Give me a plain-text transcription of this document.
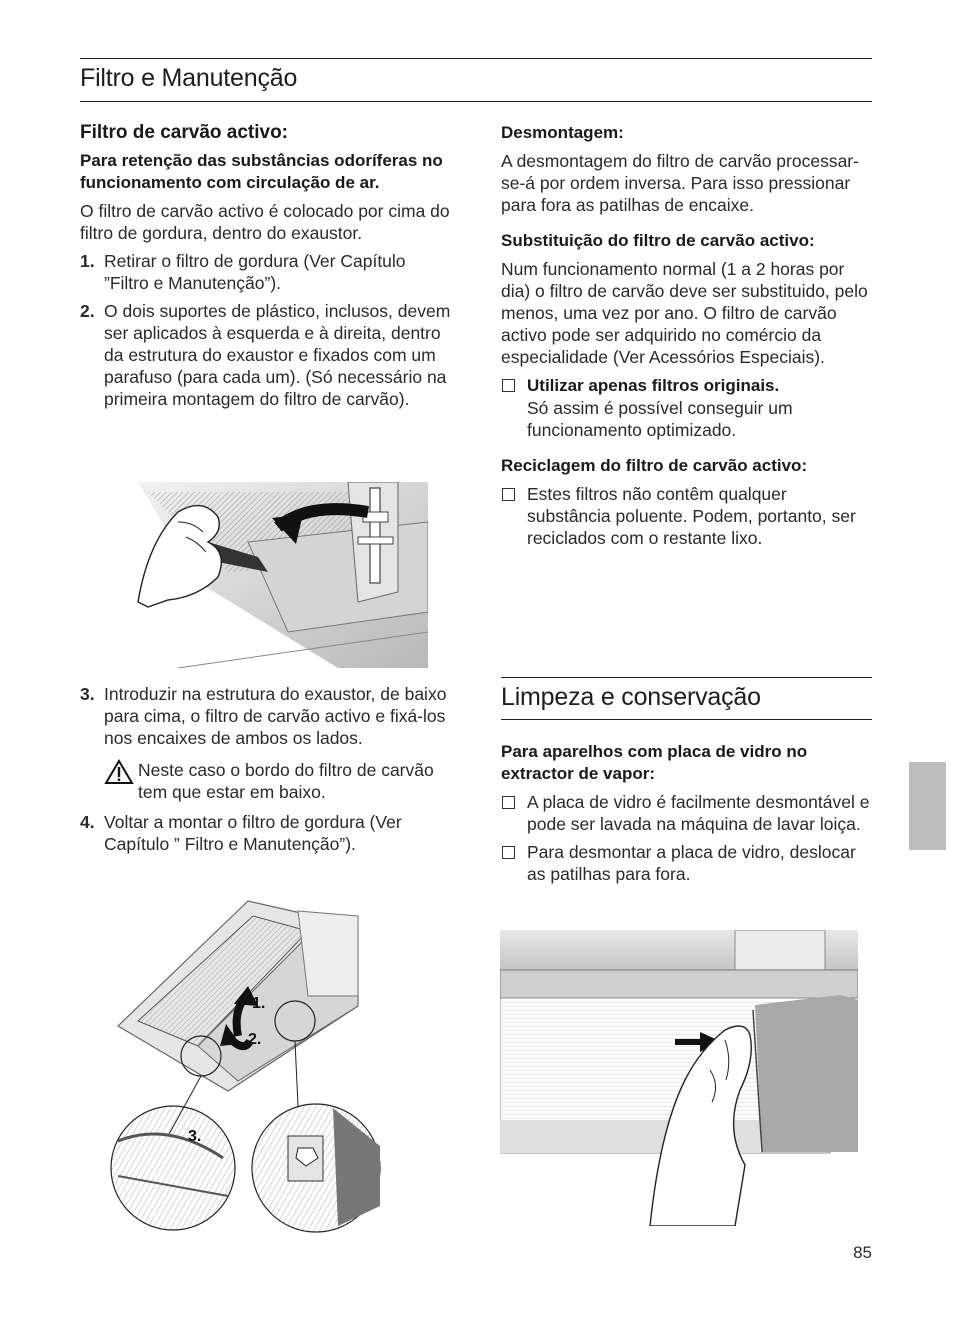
Filtro e Manutenção

Filtro de carvão activo:

Para retenção das substâncias odoríferas no funcionamento com circulação de ar.

O filtro de carvão activo é colocado por cima do filtro de gordura, dentro do exaustor.

1. Retirar o filtro de gordura (Ver Capítulo ”Filtro e Manutenção”).
2. O dois suportes de plástico, inclusos, devem ser aplicados à esquerda e à direita, dentro da estrutura do exaustor e fixados com um parafuso (para cada um). (Só necessário na primeira montagem do filtro de carvão).
3. Introduzir na estrutura do exaustor, de baixo para cima, o filtro de carvão activo e fixá-los nos encaixes de ambos os lados.
Neste caso o bordo do filtro de carvão tem que estar em baixo.
4. Voltar a montar o filtro de gordura (Ver Capítulo ” Filtro e Manutenção”).
1.
2.
3.

Desmontagem:

A desmontagem do filtro de carvão processar-se-á por ordem inversa. Para isso pressionar para fora as patilhas de encaixe.

Substituição do filtro de carvão activo:

Num funcionamento normal (1 a 2 horas por dia) o filtro de carvão deve ser substituido, pelo menos, uma vez por ano. O filtro de carvão activo pode ser adquirido no comércio da especialidade (Ver Acessórios Especiais).

Utilizar apenas filtros originais.
Só assim é possível conseguir um funcionamento optimizado.

Reciclagem do filtro de carvão activo:

Estes filtros não contêm qualquer substância poluente. Podem, portanto, ser reciclados com o restante lixo.
Limpeza e conservação

Para aparelhos com placa de vidro no extractor de vapor:

A placa de vidro é facilmente desmontável e pode ser lavada na máquina de lavar loiça.
Para desmontar a placa de vidro, deslocar as patilhas para fora.
85
